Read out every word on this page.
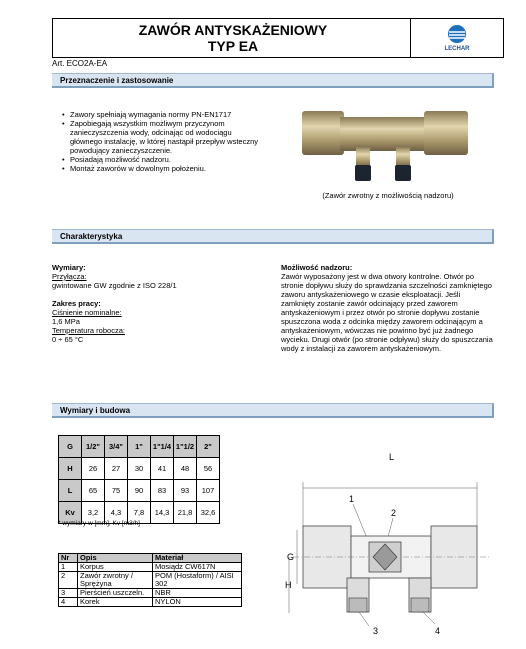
ZAWÓR ANTYSKAŻENIOWY
TYP EA	LECHAR
Art. ECO2A-EA
Przeznaczenie i zastosowanie
• Zawory spełniają wymagania normy PN-EN1717
• Zapobiegają wszystkim możliwym przyczynom zanieczyszczenia wody, odcinając od wodociągu głównego instalację, w której nastąpił przepływ wsteczny powodujący zanieczyszczenie.
• Posiadają możliwość nadzoru.
• Montaż zaworów w dowolnym położeniu.
(Zawór zwrotny z możliwością nadzoru)
Charakterystyka
Wymiary:
Przyłącza:
gwintowane GW zgodnie z ISO 228/1
Zakres pracy:
Ciśnienie nominalne:
1,6 MPa
Temperatura robocza:
0 ÷ 65 °C
Możliwość nadzoru:
Zawór wyposażony jest w dwa otwory kontrolne. Otwór po stronie dopływu służy do sprawdzania szczelności zamkniętego zaworu antyskażeniowego w czasie eksploatacji. Jeśli zamknięty zostanie zawór odcinający przed zaworem antyskażeniowym i przez otwór po stronie dopływu zostanie spuszczona woda z odcinka między zaworem odcinającym a antyskażeniowym, wówczas nie powinno być już żadnego wycieku. Drugi otwór (po stronie odpływu) służy do spuszczania wody z instalacji za zaworem antyskażeniowym.
Wymiary i budowa
G	1/2"	3/4"	1"	1"1/4	1"1/2	2"
H	26	27	30	41	48	56
L	65	75	90	83	93	107
Kv	3,2	4,3	7,8	14,3	21,8	32,6
* wymiary w [mm], Kv [m3/h]
Nr	Opis	Materiał
1	Korpus	Mosiądz CW617N
2	Zawór zwrotny / Sprężyna	POM (Hostaform) / AISI 302
3	Pierścień uszczeln.	NBR
4	Korek	NYLON
L
1
2
G
H
3	4
